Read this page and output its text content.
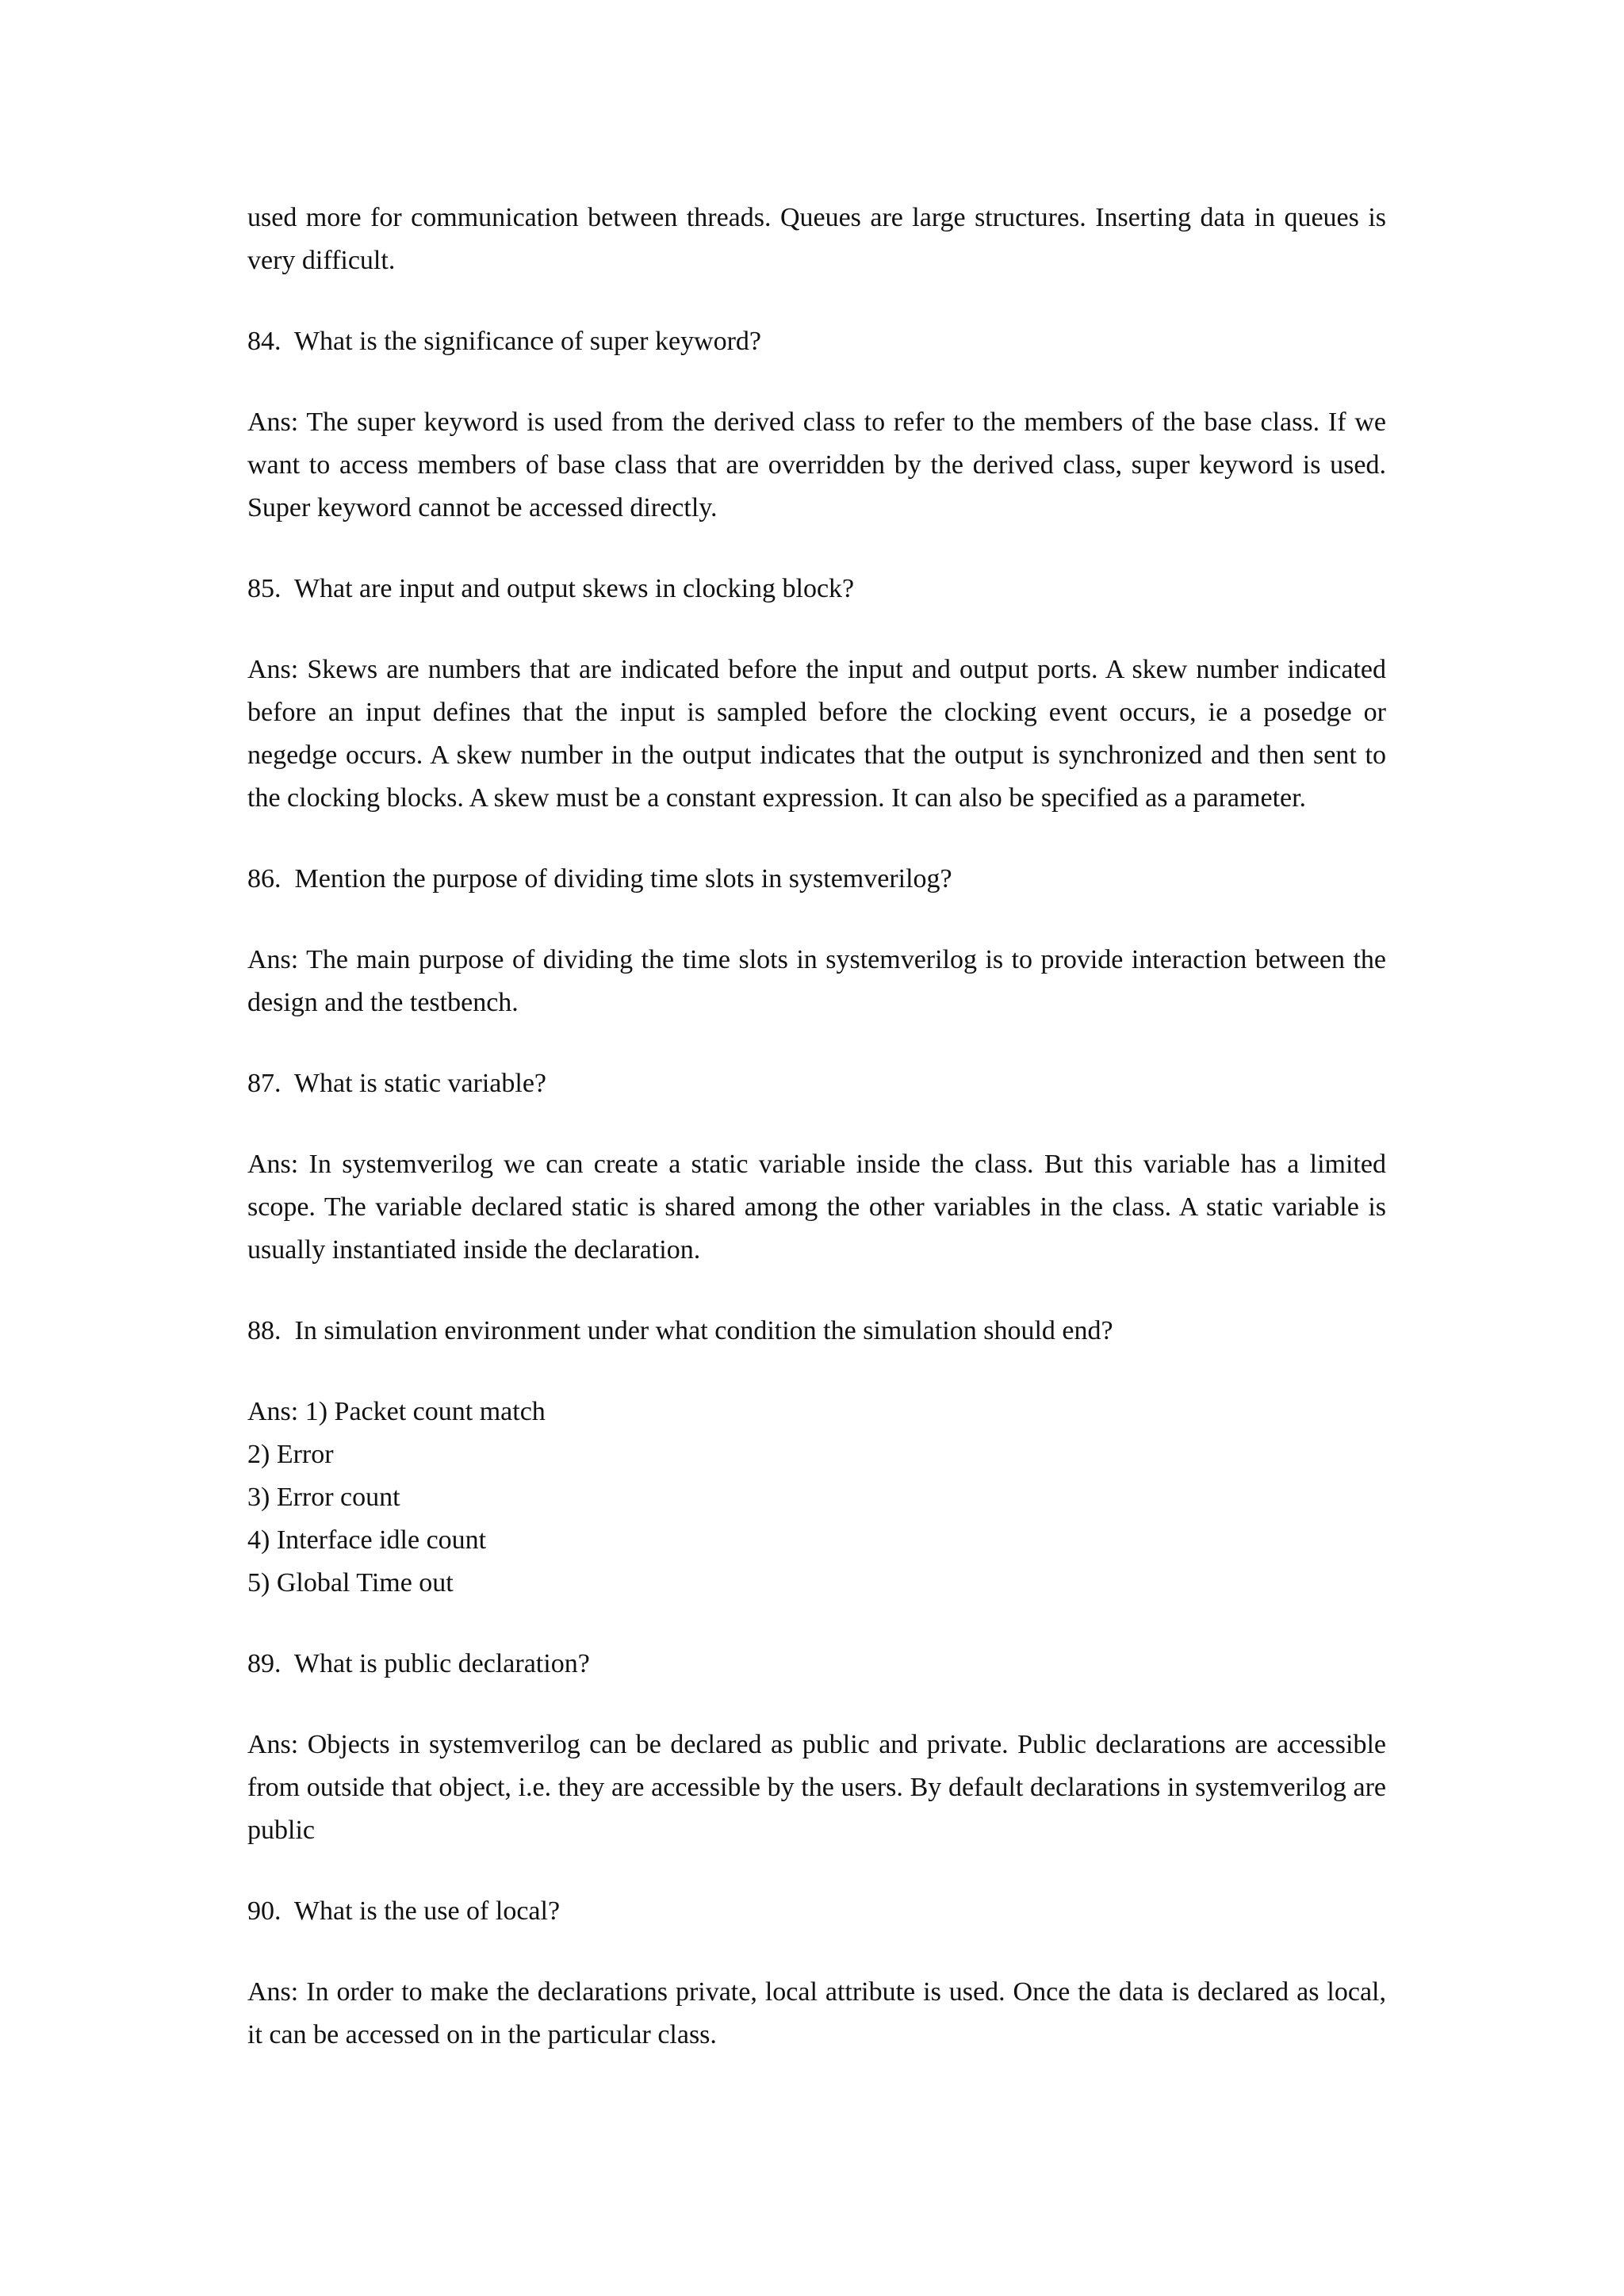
used more for communication between threads. Queues are large structures. Inserting data in queues is very difficult.

84.  What is the significance of super keyword?

Ans: The super keyword is used from the derived class to refer to the members of the base class. If we want to access members of base class that are overridden by the derived class, super keyword is used. Super keyword cannot be accessed directly.

85.  What are input and output skews in clocking block?

Ans: Skews are numbers that are indicated before the input and output ports. A skew number indicated before an input defines that the input is sampled before the clocking event occurs, ie a posedge or negedge occurs. A skew number in the output indicates that the output is synchronized and then sent to the clocking blocks. A skew must be a constant expression. It can also be specified as a parameter.

86.  Mention the purpose of dividing time slots in systemverilog?

Ans: The main purpose of dividing the time slots in systemverilog is to provide interaction between the design and the testbench.

87.  What is static variable?

Ans: In systemverilog we can create a static variable inside the class. But this variable has a limited scope. The variable declared static is shared among the other variables in the class. A static variable is usually instantiated inside the declaration.

88.  In simulation environment under what condition the simulation should end?

Ans: 1) Packet count match
2) Error
3) Error count
4) Interface idle count
5) Global Time out

89.  What is public declaration?

Ans: Objects in systemverilog can be declared as public and private. Public declarations are accessible from outside that object, i.e. they are accessible by the users. By default declarations in systemverilog are public

90.  What is the use of local?

Ans: In order to make the declarations private, local attribute is used. Once the data is declared as local, it can be accessed on in the particular class.
